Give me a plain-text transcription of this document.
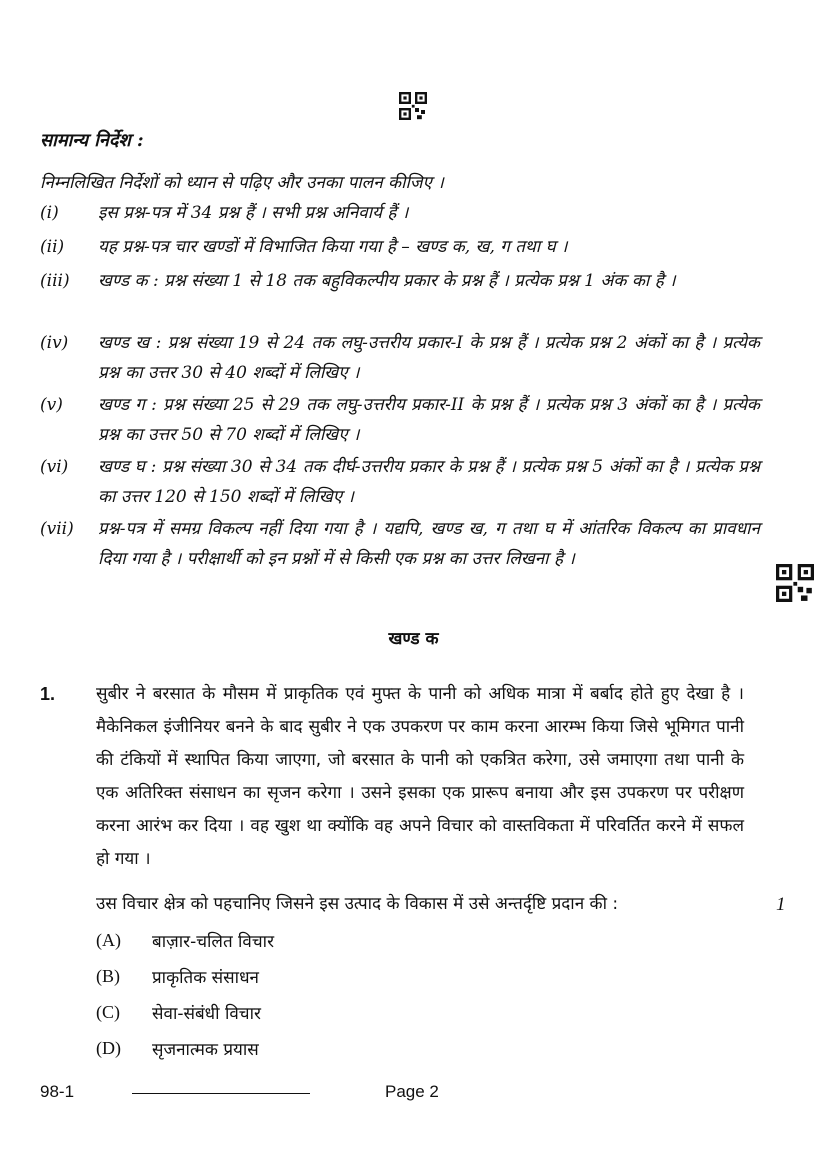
सामान्य निर्देश :
निम्नलिखित निर्देशों को ध्यान से पढ़िए और उनका पालन कीजिए ।
(i)	इस प्रश्न-पत्र में 34 प्रश्न हैं । सभी प्रश्न अनिवार्य हैं ।
(ii)	यह प्रश्न-पत्र चार खण्डों में विभाजित किया गया है – खण्ड क, ख, ग तथा घ ।
(iii)	खण्ड क : प्रश्न संख्या 1 से 18 तक बहुविकल्पीय प्रकार के प्रश्न हैं । प्रत्येक प्रश्न 1 अंक का है ।
(iv)	खण्ड ख : प्रश्न संख्या 19 से 24 तक लघु-उत्तरीय प्रकार-I के प्रश्न हैं । प्रत्येक प्रश्न 2 अंकों का है । प्रत्येक प्रश्न का उत्तर 30 से 40 शब्दों में लिखिए ।
(v)	खण्ड ग : प्रश्न संख्या 25 से 29 तक लघु-उत्तरीय प्रकार-II के प्रश्न हैं । प्रत्येक प्रश्न 3 अंकों का है । प्रत्येक प्रश्न का उत्तर 50 से 70 शब्दों में लिखिए ।
(vi)	खण्ड घ : प्रश्न संख्या 30 से 34 तक दीर्घ-उत्तरीय प्रकार के प्रश्न हैं । प्रत्येक प्रश्न 5 अंकों का है । प्रत्येक प्रश्न का उत्तर 120 से 150 शब्दों में लिखिए ।
(vii)	प्रश्न-पत्र में समग्र विकल्प नहीं दिया गया है । यद्यपि, खण्ड ख, ग तथा घ में आंतरिक विकल्प का प्रावधान दिया गया है । परीक्षार्थी को इन प्रश्नों में से किसी एक प्रश्न का उत्तर लिखना है ।
खण्ड क
1. सुबीर ने बरसात के मौसम में प्राकृतिक एवं मुफ्त के पानी को अधिक मात्रा में बर्बाद होते हुए देखा है । मैकेनिकल इंजीनियर बनने के बाद सुबीर ने एक उपकरण पर काम करना आरम्भ किया जिसे भूमिगत पानी की टंकियों में स्थापित किया जाएगा, जो बरसात के पानी को एकत्रित करेगा, उसे जमाएगा तथा पानी के एक अतिरिक्त संसाधन का सृजन करेगा । उसने इसका एक प्रारूप बनाया और इस उपकरण पर परीक्षण करना आरंभ कर दिया । वह खुश था क्योंकि वह अपने विचार को वास्तविकता में परिवर्तित करने में सफल हो गया ।
उस विचार क्षेत्र को पहचानिए जिसने इस उत्पाद के विकास में उसे अन्तर्दृष्टि प्रदान की :	1
(A) बाज़ार-चलित विचार
(B) प्राकृतिक संसाधन
(C) सेवा-संबंधी विचार
(D) सृजनात्मक प्रयास
98-1	Page 2
